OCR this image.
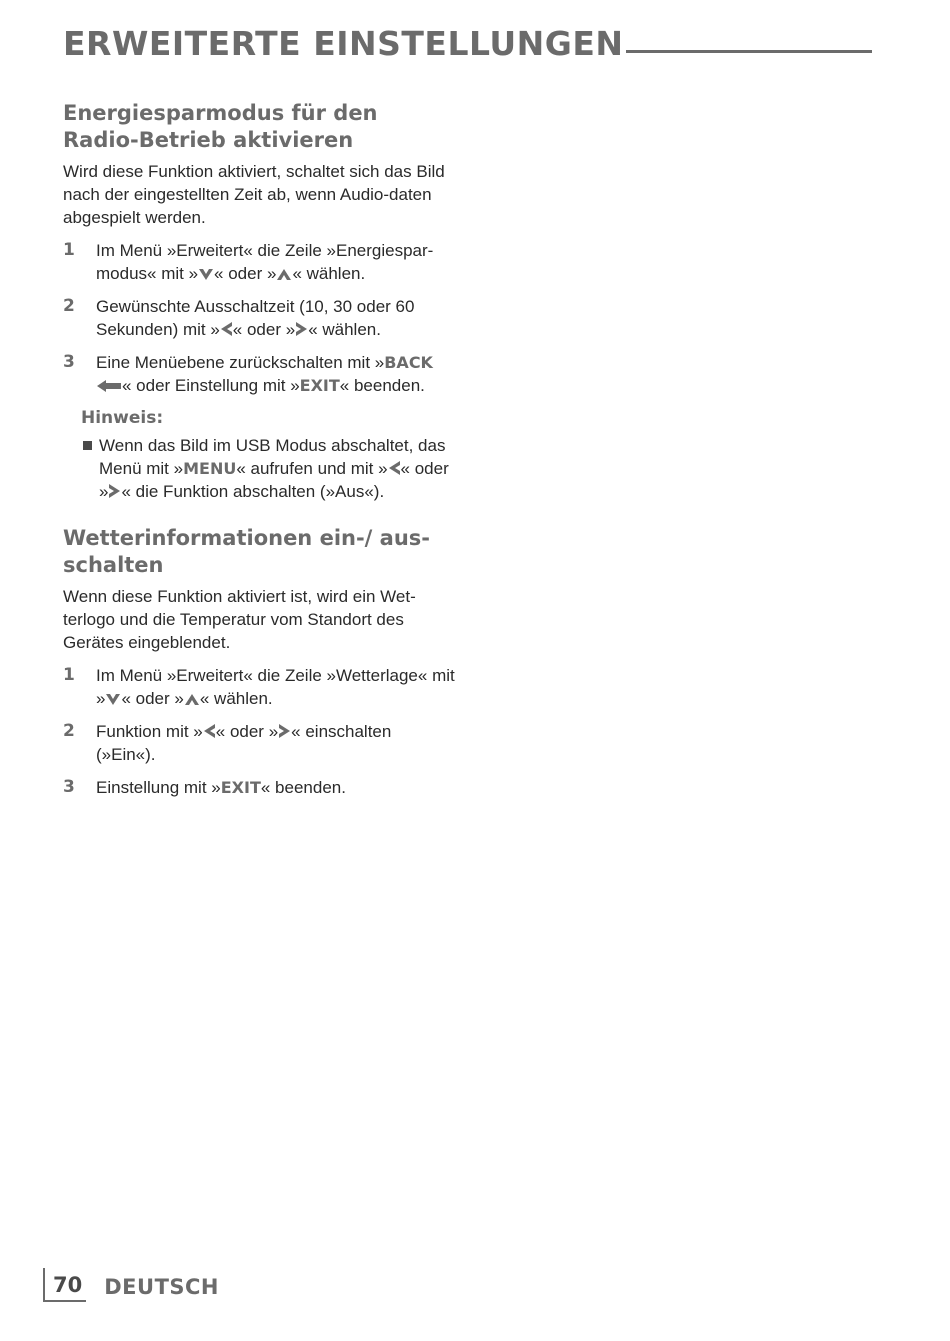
ERWEITERTE EINSTELLUNGEN
Energiesparmodus für den Radio-Betrieb aktivieren

Wird diese Funktion aktiviert, schaltet sich das Bild nach der eingestellten Zeit ab, wenn Audio-daten abgespielt werden.

1 Im Menü »Erweitert« die Zeile »Energiespar-modus« mit » « oder » « wählen.
2 Gewünschte Ausschaltzeit (10, 30 oder 60 Sekunden) mit » « oder » « wählen.
3 Eine Menüebene zurückschalten mit »BACK

« oder Einstellung mit »EXIT« beenden.
Hinweis:
Wenn das Bild im USB Modus abschaltet, das Menü mit »MENU« aufrufen und mit » « oder » « die Funktion abschalten (»Aus«).
Wetterinformationen ein-/ aus-schalten

Wenn diese Funktion aktiviert ist, wird ein Wet-terlogo und die Temperatur vom Standort des Gerätes eingeblendet.

1 Im Menü »Erweitert« die Zeile »Wetterlage« mit » « oder » « wählen.
2 Funktion mit » « oder » « einschalten (»Ein«).
3 Einstellung mit »EXIT« beenden.
70 DEUTSCH
